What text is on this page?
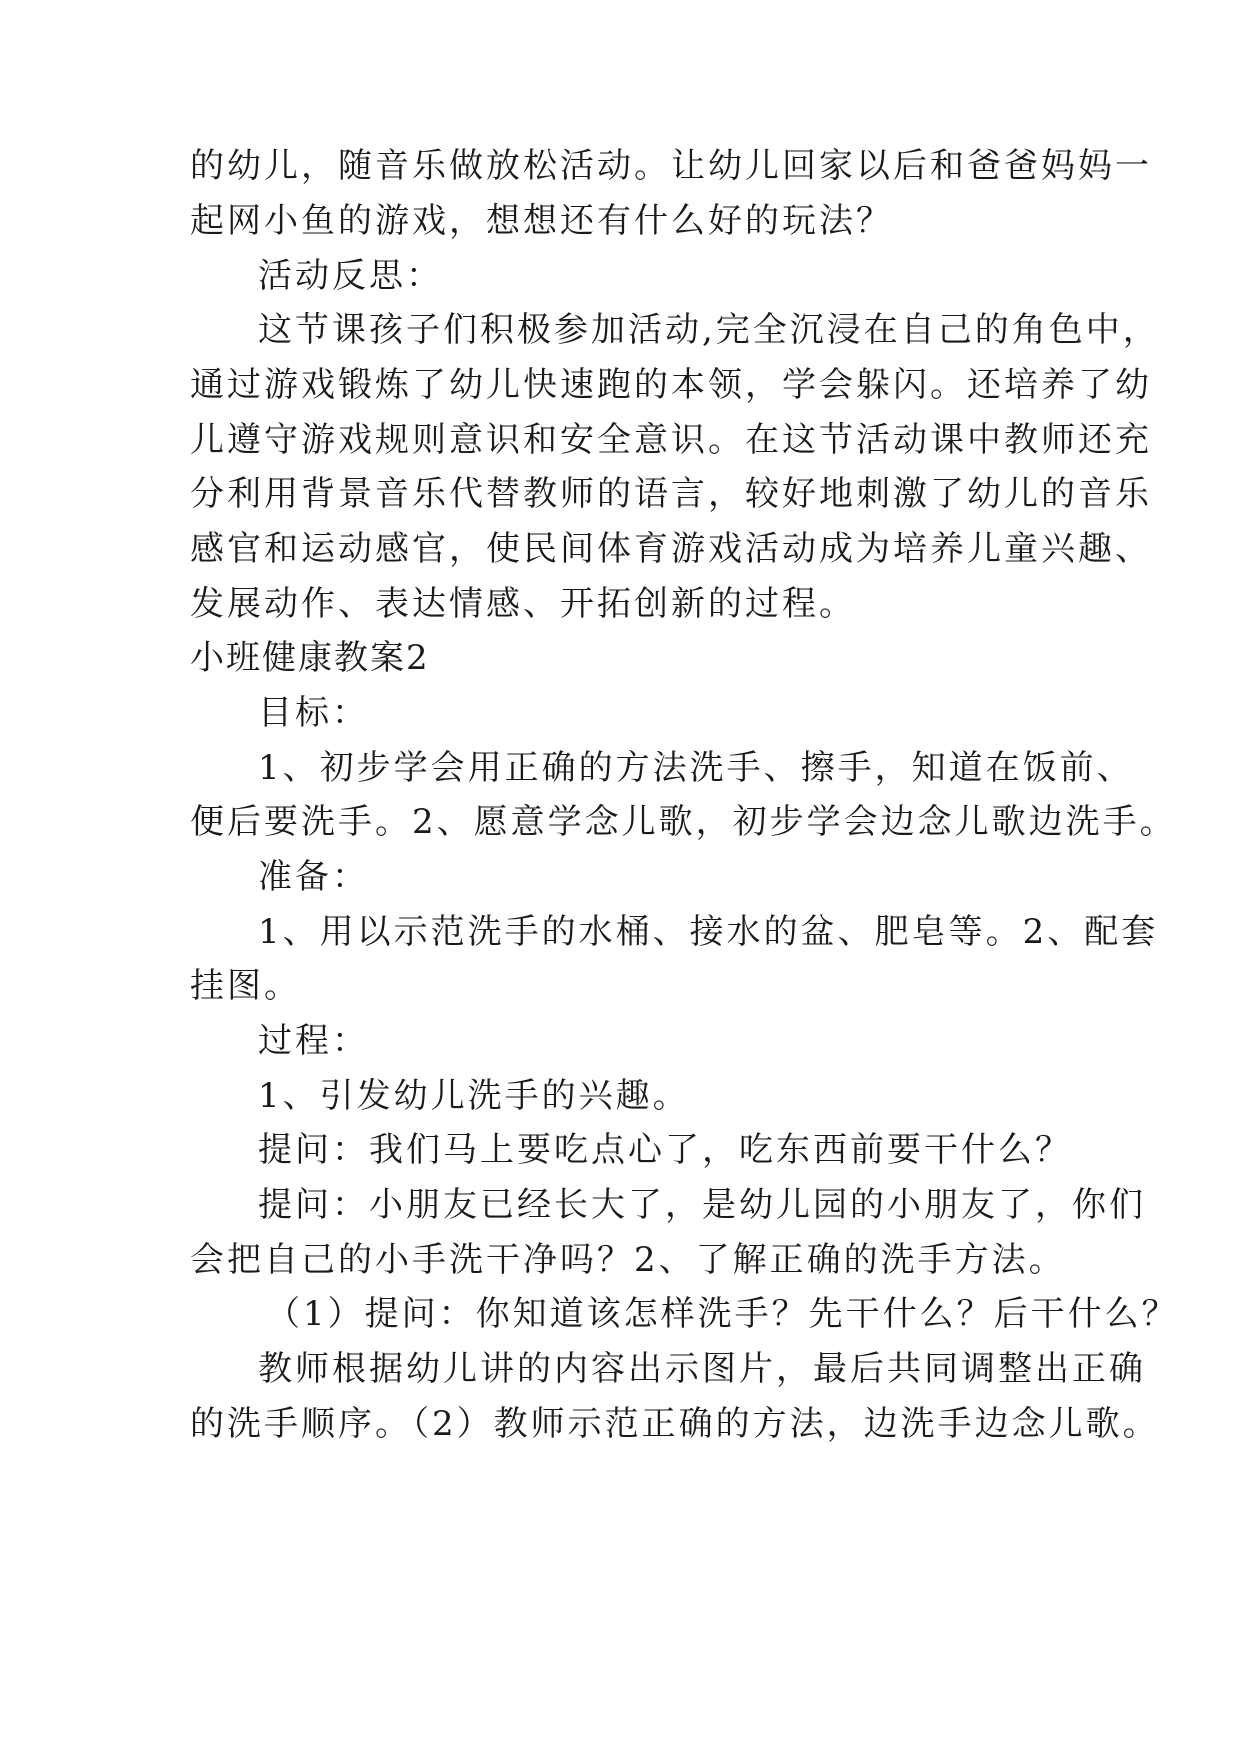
的幼儿，随音乐做放松活动。让幼儿回家以后和爸爸妈妈一
起网小鱼的游戏，想想还有什么好的玩法？
活动反思：
这节课孩子们积极参加活动,完全沉浸在自己的角色中，
通过游戏锻炼了幼儿快速跑的本领，学会躲闪。还培养了幼
儿遵守游戏规则意识和安全意识。在这节活动课中教师还充
分利用背景音乐代替教师的语言，较好地刺激了幼儿的音乐
感官和运动感官，使民间体育游戏活动成为培养儿童兴趣、
发展动作、表达情感、开拓创新的过程。
小班健康教案2
目标：
1、初步学会用正确的方法洗手、擦手，知道在饭前、
便后要洗手。2、愿意学念儿歌，初步学会边念儿歌边洗手。
准备：
1、用以示范洗手的水桶、接水的盆、肥皂等。2、配套
挂图。
过程：
1、引发幼儿洗手的兴趣。
提问：我们马上要吃点心了，吃东西前要干什么？
提问：小朋友已经长大了，是幼儿园的小朋友了，你们
会把自己的小手洗干净吗？2、了解正确的洗手方法。
（1）提问：你知道该怎样洗手？先干什么？后干什么？
教师根据幼儿讲的内容出示图片，最后共同调整出正确
的洗手顺序。（2）教师示范正确的方法，边洗手边念儿歌。
